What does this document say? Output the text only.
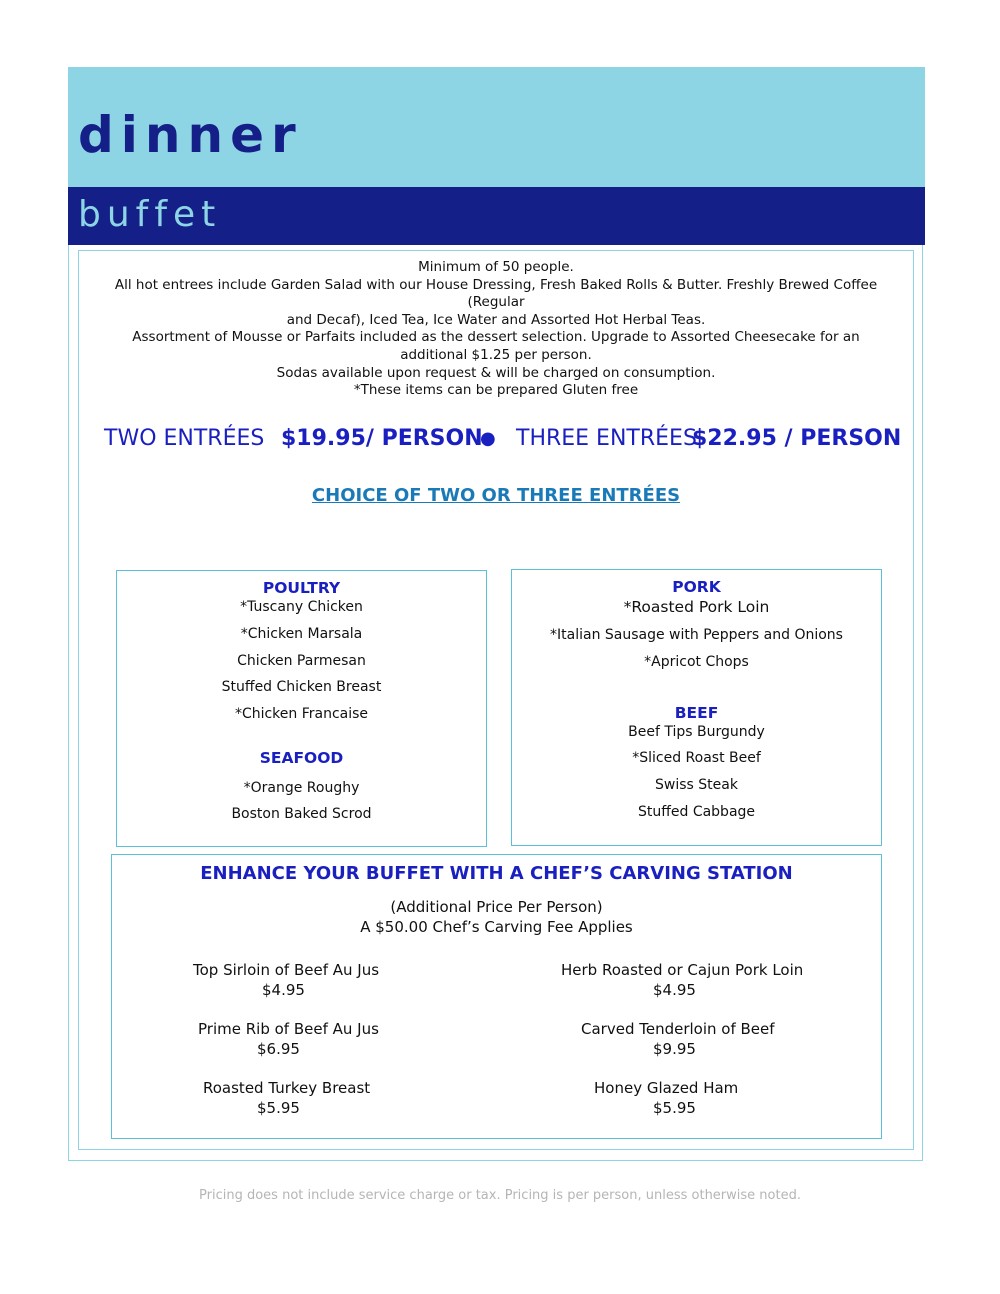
dinner
buffet
Minimum of 50 people.
All hot entrees include Garden Salad with our House Dressing, Fresh Baked Rolls & Butter. Freshly Brewed Coffee (Regular
and Decaf), Iced Tea, Ice Water and Assorted Hot Herbal Teas.
Assortment of Mousse or Parfaits included as the dessert selection. Upgrade to Assorted Cheesecake for an
additional $1.25 per person.
Sodas available upon request & will be charged on consumption.
*These items can be prepared Gluten free
TWO ENTRÉES $19.95/ PERSON
● THREE ENTRÉES
$22.95 / PERSON
CHOICE OF TWO OR THREE ENTRÉES
POULTRY
*Tuscany Chicken
*Chicken Marsala
Chicken Parmesan
Stuffed Chicken Breast
*Chicken Francaise
SEAFOOD
*Orange Roughy
Boston Baked Scrod
PORK
*Roasted Pork Loin
*Italian Sausage with Peppers and Onions
*Apricot Chops
BEEF
Beef Tips Burgundy
*Sliced Roast Beef
Swiss Steak
Stuffed Cabbage
ENHANCE YOUR BUFFET WITH A CHEF’S CARVING STATION
(Additional Price Per Person)
A $50.00 Chef’s Carving Fee Applies
Top Sirloin of Beef Au Jus
$4.95
Prime Rib of Beef Au Jus
$6.95
Roasted Turkey Breast
$5.95
Herb Roasted or Cajun Pork Loin
$4.95
Carved Tenderloin of Beef
$9.95
Honey Glazed Ham
$5.95
Pricing does not include service charge or tax. Pricing is per person, unless otherwise noted.
